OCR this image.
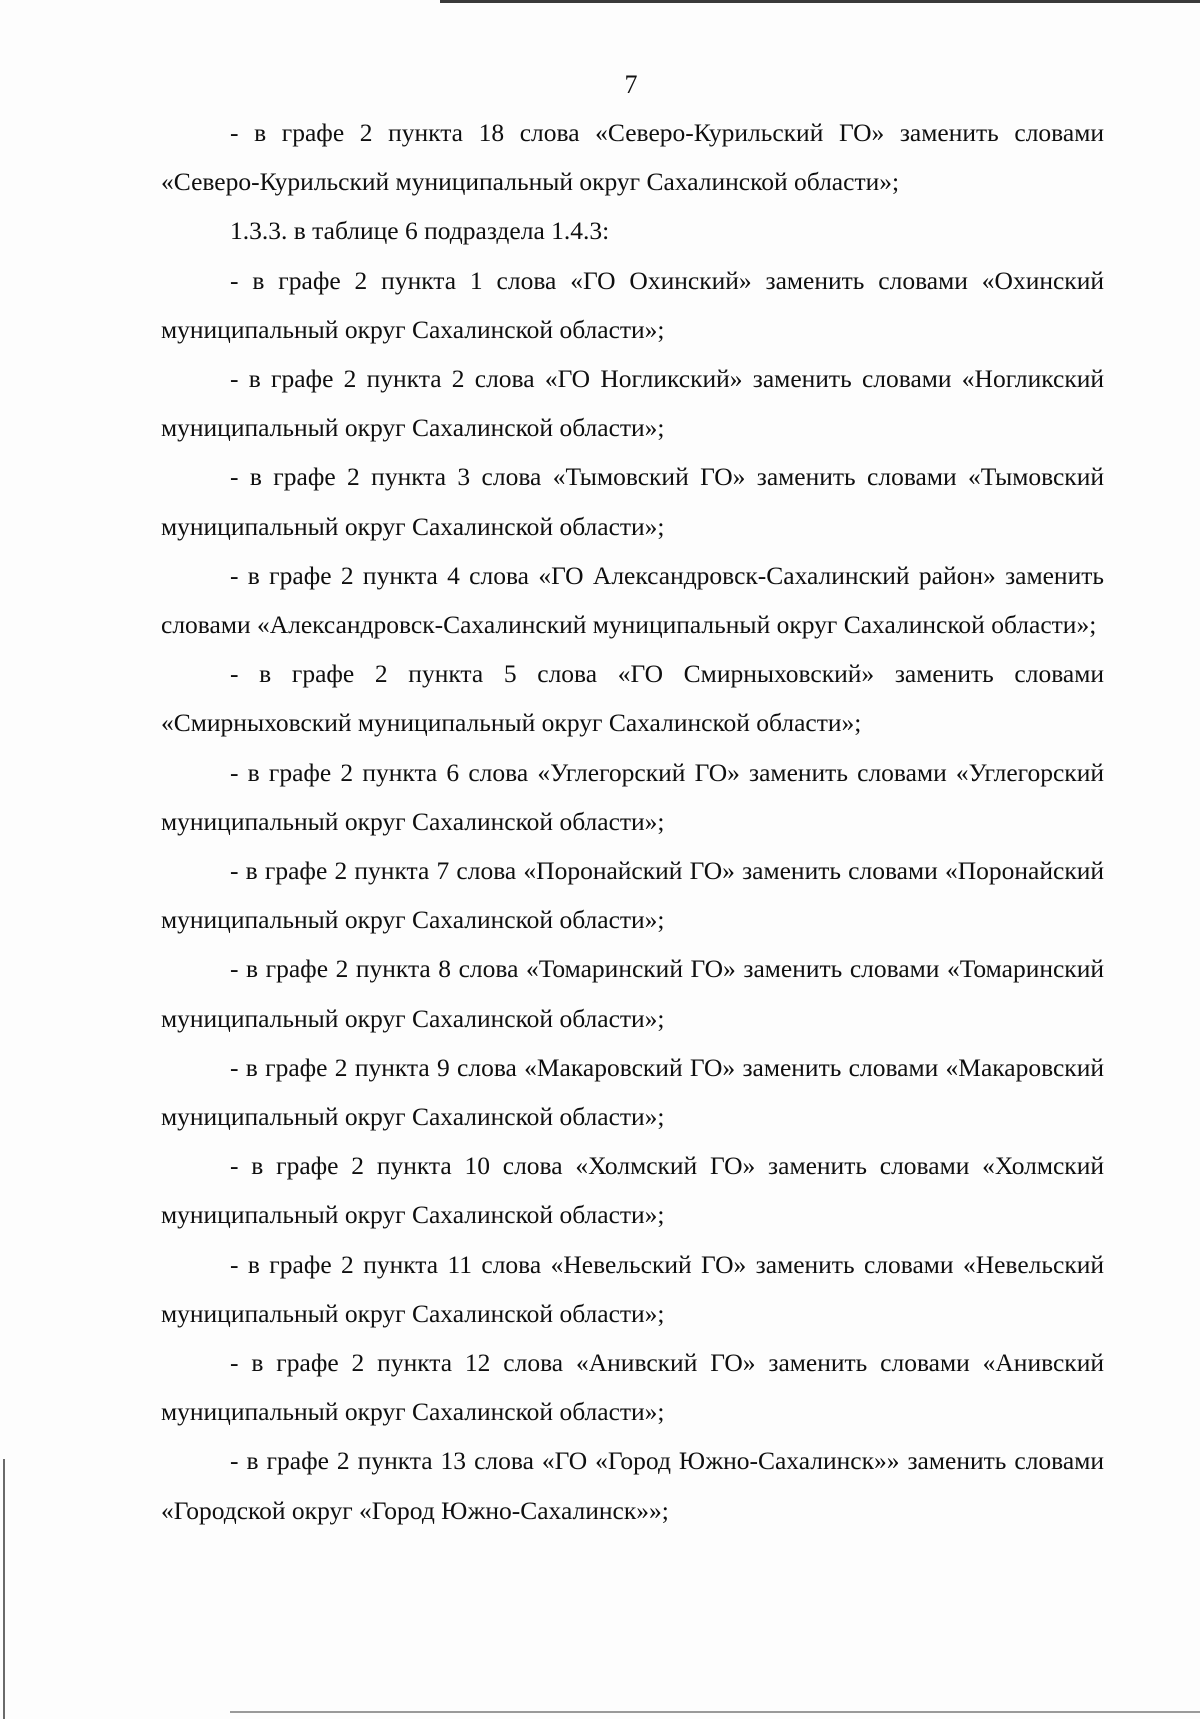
7

- в графе 2 пункта 18 слова «Северо-Курильский ГО» заменить словами «Северо-Курильский муниципальный округ Сахалинской области»;

1.3.3. в таблице 6 подраздела 1.4.3:

- в графе 2 пункта 1 слова «ГО Охинский» заменить словами «Охинский муниципальный округ Сахалинской области»;

- в графе 2 пункта 2 слова «ГО Ногликский» заменить словами «Ногликский муниципальный округ Сахалинской области»;

- в графе 2 пункта 3 слова «Тымовский ГО» заменить словами «Тымовский муниципальный округ Сахалинской области»;

- в графе 2 пункта 4 слова «ГО Александровск-Сахалинский район» заменить словами «Александровск-Сахалинский муниципальный округ Сахалинской области»;

- в графе 2 пункта 5 слова «ГО Смирныховский» заменить словами «Смирныховский муниципальный округ Сахалинской области»;

- в графе 2 пункта 6 слова «Углегорский ГО» заменить словами «Углегорский муниципальный округ Сахалинской области»;

- в графе 2 пункта 7 слова «Поронайский ГО» заменить словами «Поронайский муниципальный округ Сахалинской области»;

- в графе 2 пункта 8 слова «Томаринский ГО» заменить словами «Томаринский муниципальный округ Сахалинской области»;

- в графе 2 пункта 9 слова «Макаровский ГО» заменить словами «Макаровский муниципальный округ Сахалинской области»;

- в графе 2 пункта 10 слова «Холмский ГО» заменить словами «Холмский муниципальный округ Сахалинской области»;

- в графе 2 пункта 11 слова «Невельский ГО» заменить словами «Невельский муниципальный округ Сахалинской области»;

- в графе 2 пункта 12 слова «Анивский ГО» заменить словами «Анивский муниципальный округ Сахалинской области»;

- в графе 2 пункта 13 слова «ГО «Город Южно-Сахалинск»» заменить словами «Городской округ «Город Южно-Сахалинск»»;
